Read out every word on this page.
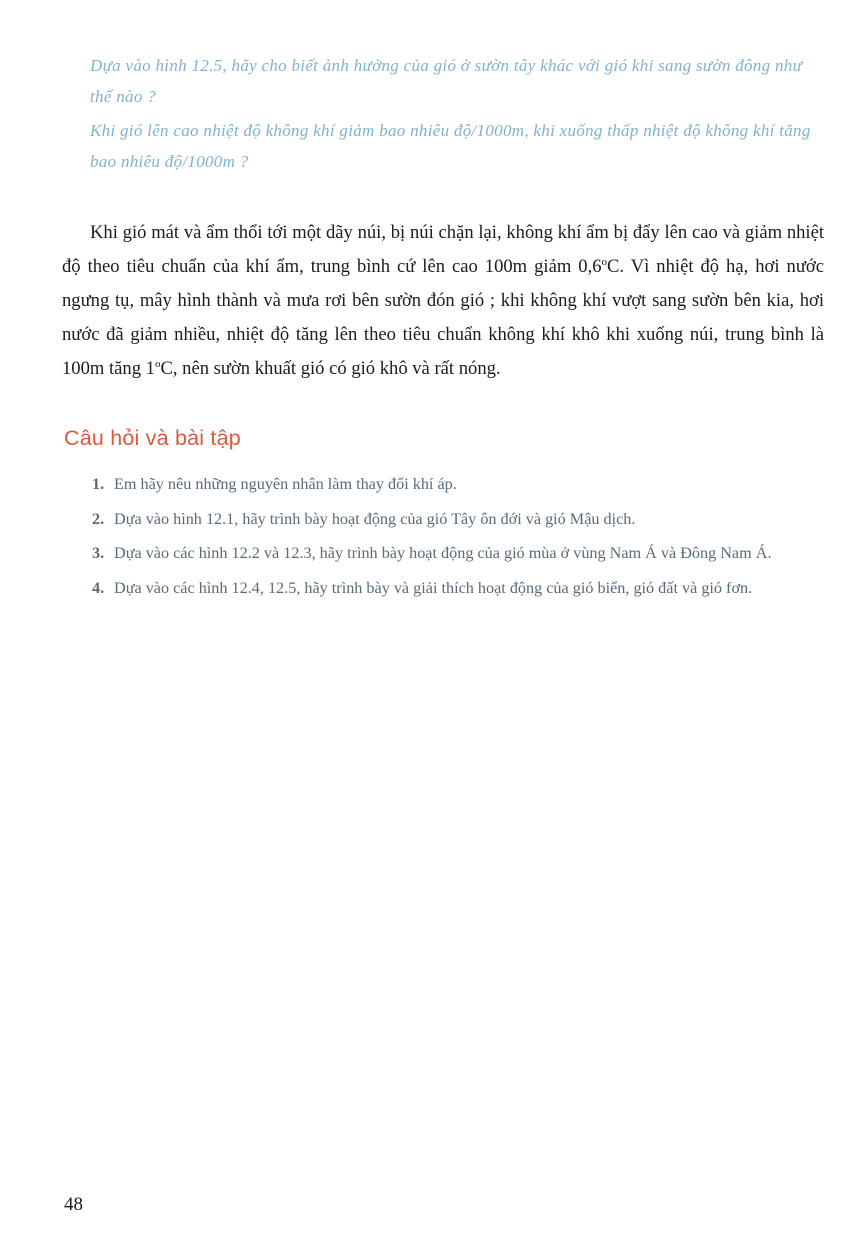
Dựa vào hình 12.5, hãy cho biết ảnh hưởng của gió ở sườn tây khác với gió khi sang sườn đông như thế nào ?

Khi gió lên cao nhiệt độ không khí giảm bao nhiêu độ/1000m, khi xuống thấp nhiệt độ không khí tăng bao nhiêu độ/1000m ?

Khi gió mát và ẩm thổi tới một dãy núi, bị núi chặn lại, không khí ẩm bị đẩy lên cao và giảm nhiệt độ theo tiêu chuẩn của khí ẩm, trung bình cứ lên cao 100m giảm 0,6$^o$C. Vì nhiệt độ hạ, hơi nước ngưng tụ, mây hình thành và mưa rơi bên sườn đón gió ; khi không khí vượt sang sườn bên kia, hơi nước đã giảm nhiều, nhiệt độ tăng lên theo tiêu chuẩn không khí khô khi xuống núi, trung bình là 100m tăng 1$^o$C, nên sườn khuất gió có gió khô và rất nóng.

Câu hỏi và bài tập
1. Em hãy nêu những nguyên nhân làm thay đổi khí áp.
2. Dựa vào hình 12.1, hãy trình bày hoạt động của gió Tây ôn đới và gió Mậu dịch.
3. Dựa vào các hình 12.2 và 12.3, hãy trình bày hoạt động của gió mùa ở vùng Nam Á và Đông Nam Á.
4. Dựa vào các hình 12.4, 12.5, hãy trình bày và giải thích hoạt động của gió biển, gió đất và gió fơn.
48
